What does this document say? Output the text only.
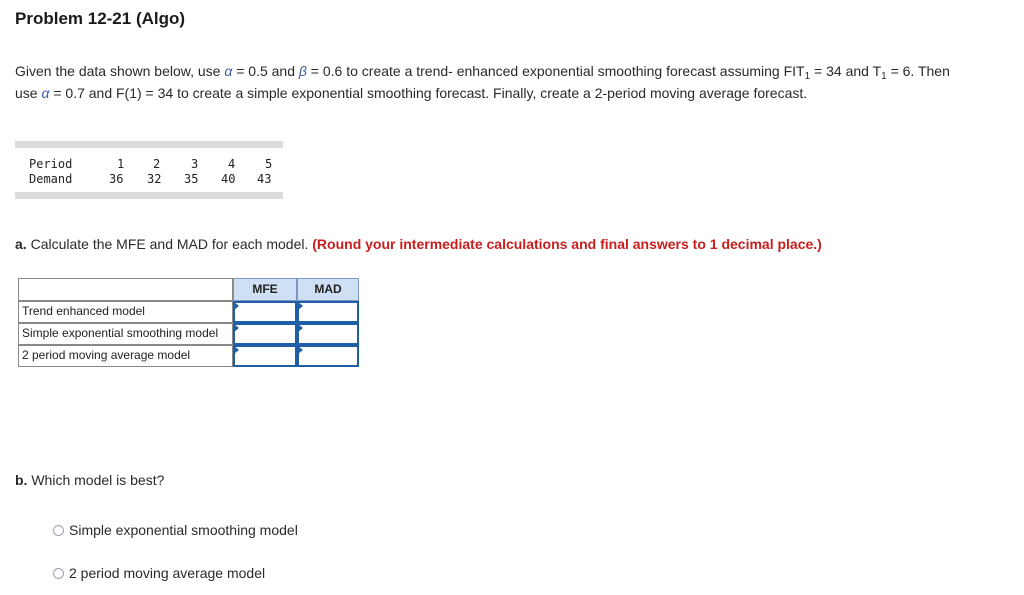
Problem 12-21 (Algo)
Given the data shown below, use α = 0.5 and β = 0.6 to create a trend- enhanced exponential smoothing forecast assuming $FIT_1 = 34$ and $T_1 = 6$. Then use α = 0.7 and F(1) = 34 to create a simple exponential smoothing forecast. Finally, create a 2-period moving average forecast.
Period	1 2	3 4 5
Demand	36 32 35 40 43
a. Calculate the MFE and MAD for each model. (Round your intermediate calculations and final answers to 1 decimal place.)
MFE	MAD
Trend enhanced model
Simple exponential smoothing model
2 period moving average model
b. Which model is best?
Simple exponential smoothing model
2 period moving average model
